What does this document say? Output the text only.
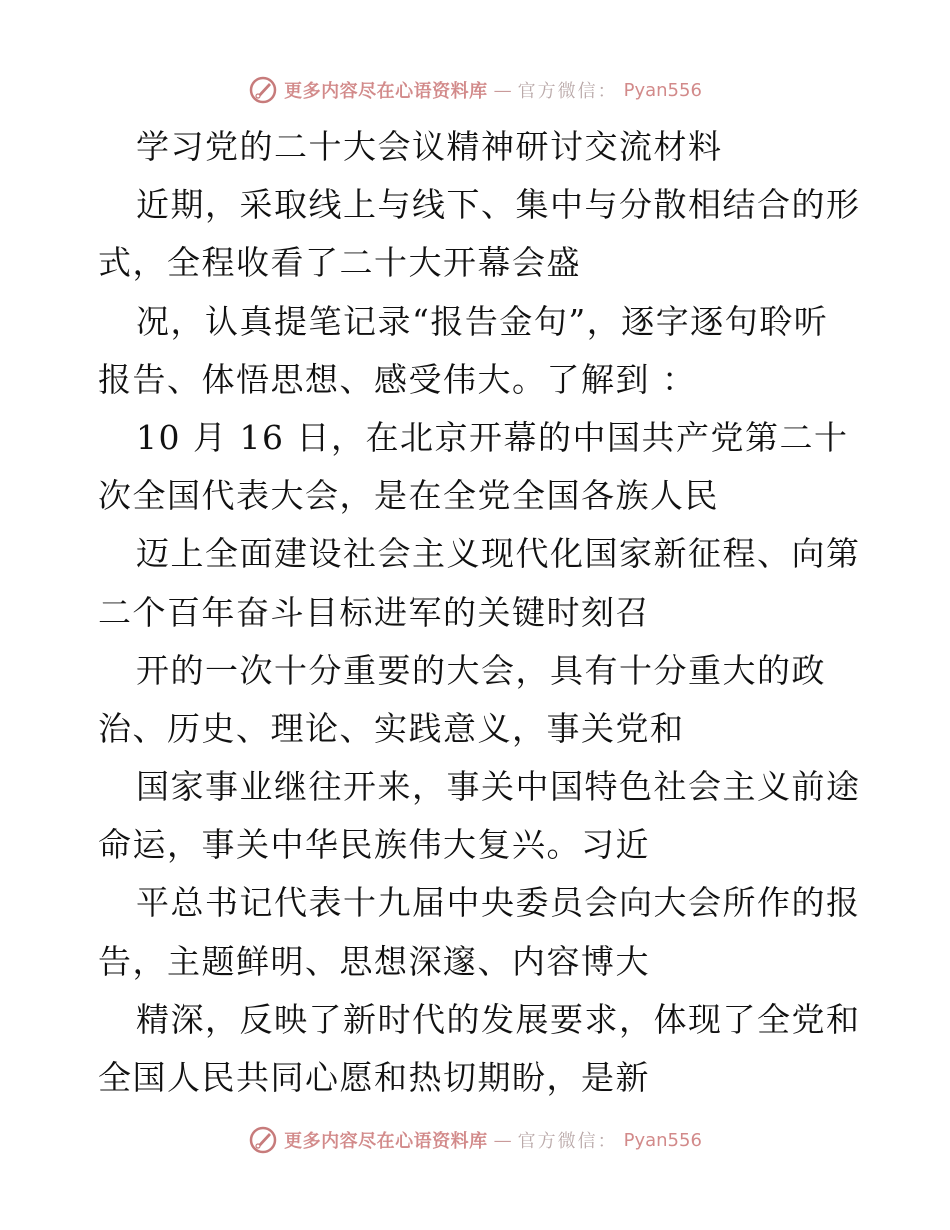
更多内容尽在心语资料库 — 官方微信： Pyan556
学习党的二十大会议精神研讨交流材料
近期，采取线上与线下、集中与分散相结合的形
式，全程收看了二十大开幕会盛
况，认真提笔记录“报告金句”，逐字逐句聆听
报告、体悟思想、感受伟大。了解到 ：
10 月 16 日，在北京开幕的中国共产党第二十
次全国代表大会，是在全党全国各族人民
迈上全面建设社会主义现代化国家新征程、向第
二个百年奋斗目标进军的关键时刻召
开的一次十分重要的大会，具有十分重大的政
治、历史、理论、实践意义，事关党和
国家事业继往开来，事关中国特色社会主义前途
命运，事关中华民族伟大复兴。习近
平总书记代表十九届中央委员会向大会所作的报
告，主题鲜明、思想深邃、内容博大
精深，反映了新时代的发展要求，体现了全党和
全国人民共同心愿和热切期盼，是新
更多内容尽在心语资料库 — 官方微信： Pyan556
